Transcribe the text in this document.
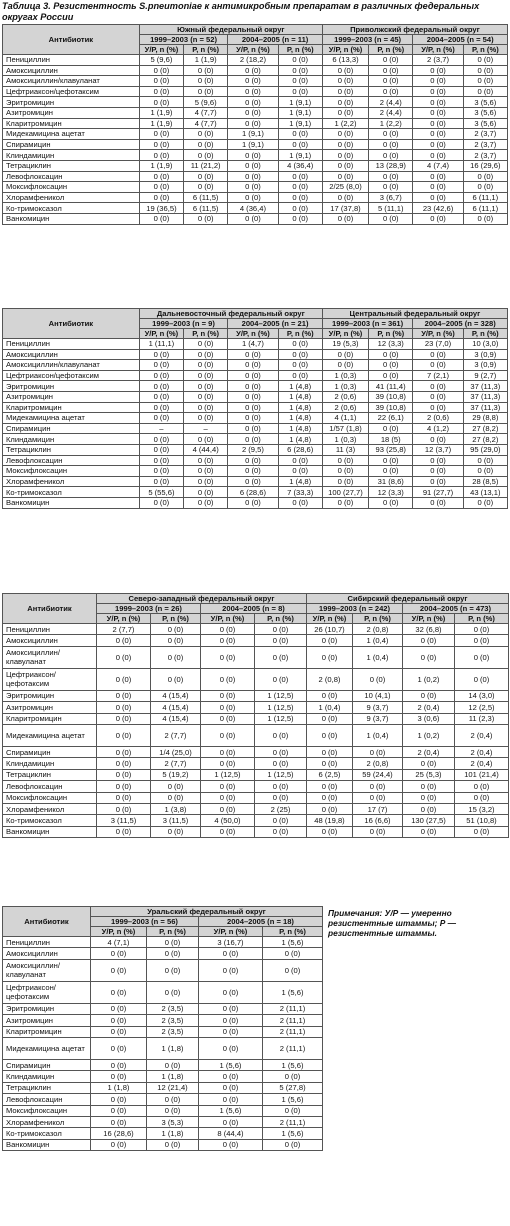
Таблица 3. Резистентность S.pneumoniae к антимикробным препаратам в различных федеральных округах России
Антибиотик	Южный федеральный округ				Приволжский федеральный округ			
	1999–2003 (n = 52)		2004–2005 (n = 11)		1999–2003 (n = 45)		2004–2005 (n = 54)	
	У/Р, n (%)	Р, n (%)	У/Р, n (%)	Р, n (%)	У/Р, n (%)	Р, n (%)	У/Р, n (%)	Р, n (%)
Пенициллин	5 (9,6)	1 (1,9)	2 (18,2)	0 (0)	6 (13,3)	0 (0)	2 (3,7)	0 (0)
Амоксициллин	0 (0)	0 (0)	0 (0)	0 (0)	0 (0)	0 (0)	0 (0)	0 (0)
Амоксициллин/клавуланат	0 (0)	0 (0)	0 (0)	0 (0)	0 (0)	0 (0)	0 (0)	0 (0)
Цефтриаксон/цефотаксим	0 (0)	0 (0)	0 (0)	0 (0)	0 (0)	0 (0)	0 (0)	0 (0)
Эритромицин	0 (0)	5 (9,6)	0 (0)	1 (9,1)	0 (0)	2 (4,4)	0 (0)	3 (5,6)
Азитромицин	1 (1,9)	4 (7,7)	0 (0)	1 (9,1)	0 (0)	2 (4,4)	0 (0)	3 (5,6)
Кларитромицин	1 (1,9)	4 (7,7)	0 (0)	1 (9,1)	1 (2,2)	1 (2,2)	0 (0)	3 (5,6)
Мидекамицина ацетат	0 (0)	0 (0)	1 (9,1)	0 (0)	0 (0)	0 (0)	0 (0)	2 (3,7)
Спирамицин	0 (0)	0 (0)	1 (9,1)	0 (0)	0 (0)	0 (0)	0 (0)	2 (3,7)
Клиндамицин	0 (0)	0 (0)	0 (0)	1 (9,1)	0 (0)	0 (0)	0 (0)	2 (3,7)
Тетрациклин	1 (1,9)	11 (21,2)	0 (0)	4 (36,4)	0 (0)	13 (28,9)	4 (7,4)	16 (29,6)
Левофлоксацин	0 (0)	0 (0)	0 (0)	0 (0)	0 (0)	0 (0)	0 (0)	0 (0)
Моксифлоксацин	0 (0)	0 (0)	0 (0)	0 (0)	2/25 (8,0)	0 (0)	0 (0)	0 (0)
Хлорамфеникол	0 (0)	6 (11,5)	0 (0)	0 (0)	0 (0)	3 (6,7)	0 (0)	6 (11,1)
Ко-тримоксазол	19 (36,5)	6 (11,5)	4 (36,4)	0 (0)	17 (37,8)	5 (11,1)	23 (42,6)	6 (11,1)
Ванкомицин	0 (0)	0 (0)	0 (0)	0 (0)	0 (0)	0 (0)	0 (0)	0 (0)
Антибиотик	Дальневосточный федеральный округ				Центральный федеральный округ			
	1999–2003 (n = 9)		2004–2005 (n = 21)		1999–2003 (n = 361)		2004–2005 (n = 328)	
	У/Р, n (%)	Р, n (%)	У/Р, n (%)	Р, n (%)	У/Р, n (%)	Р, n (%)	У/Р, n (%)	Р, n (%)
Пенициллин	1 (11,1)	0 (0)	1 (4,7)	0 (0)	19 (5,3)	12 (3,3)	23 (7,0)	10 (3,0)
Амоксициллин	0 (0)	0 (0)	0 (0)	0 (0)	0 (0)	0 (0)	0 (0)	3 (0,9)
Амоксициллин/клавуланат	0 (0)	0 (0)	0 (0)	0 (0)	0 (0)	0 (0)	0 (0)	3 (0,9)
Цефтриаксон/цефотаксим	0 (0)	0 (0)	0 (0)	0 (0)	1 (0,3)	0 (0)	7 (2,1)	9 (2,7)
Эритромицин	0 (0)	0 (0)	0 (0)	1 (4,8)	1 (0,3)	41 (11,4)	0 (0)	37 (11,3)
Азитромицин	0 (0)	0 (0)	0 (0)	1 (4,8)	2 (0,6)	39 (10,8)	0 (0)	37 (11,3)
Кларитромицин	0 (0)	0 (0)	0 (0)	1 (4,8)	2 (0,6)	39 (10,8)	0 (0)	37 (11,3)
Мидекамицина ацетат	0 (0)	0 (0)	0 (0)	1 (4,8)	4 (1,1)	22 (6,1)	2 (0,6)	29 (8,8)
Спирамицин	–	–	0 (0)	1 (4,8)	1/57 (1,8)	0 (0)	4 (1,2)	27 (8,2)
Клиндамицин	0 (0)	0 (0)	0 (0)	1 (4,8)	1 (0,3)	18 (5)	0 (0)	27 (8,2)
Тетрациклин	0 (0)	4 (44,4)	2 (9,5)	6 (28,6)	11 (3)	93 (25,8)	12 (3,7)	95 (29,0)
Левофлоксацин	0 (0)	0 (0)	0 (0)	0 (0)	0 (0)	0 (0)	0 (0)	0 (0)
Моксифлоксацин	0 (0)	0 (0)	0 (0)	0 (0)	0 (0)	0 (0)	0 (0)	0 (0)
Хлорамфеникол	0 (0)	0 (0)	0 (0)	1 (4,8)	0 (0)	31 (8,6)	0 (0)	28 (8,5)
Ко-тримоксазол	5 (55,6)	0 (0)	6 (28,6)	7 (33,3)	100 (27,7)	12 (3,3)	91 (27,7)	43 (13,1)
Ванкомицин	0 (0)	0 (0)	0 (0)	0 (0)	0 (0)	0 (0)	0 (0)	0 (0)
Антибиотик	Северо-западный федеральный округ				Сибирский федеральный округ			
	1999–2003 (n = 26)		2004–2005 (n = 8)		1999–2003 (n = 242)		2004–2005 (n = 473)	
	У/Р, n (%)	Р, n (%)	У/Р, n (%)	Р, n (%)	У/Р, n (%)	Р, n (%)	У/Р, n (%)	Р, n (%)
Пенициллин	2 (7,7)	0 (0)	0 (0)	0 (0)	26 (10,7)	2 (0,8)	32 (6,8)	0 (0)
Амоксициллин	0 (0)	0 (0)	0 (0)	0 (0)	0 (0)	1 (0,4)	0 (0)	0 (0)
Амоксициллин/ клавуланат	0 (0)	0 (0)	0 (0)	0 (0)	0 (0)	1 (0,4)	0 (0)	0 (0)
Цефтриаксон/ цефотаксим	0 (0)	0 (0)	0 (0)	0 (0)	2 (0,8)	0 (0)	1 (0,2)	0 (0)
Эритромицин	0 (0)	4 (15,4)	0 (0)	1 (12,5)	0 (0)	10 (4,1)	0 (0)	14 (3,0)
Азитромицин	0 (0)	4 (15,4)	0 (0)	1 (12,5)	1 (0,4)	9 (3,7)	2 (0,4)	12 (2,5)
Кларитромицин	0 (0)	4 (15,4)	0 (0)	1 (12,5)	0 (0)	9 (3,7)	3 (0,6)	11 (2,3)
Мидекамицина ацетат	0 (0)	2 (7,7)	0 (0)	0 (0)	0 (0)	1 (0,4)	1 (0,2)	2 (0,4)
Спирамицин	0 (0)	1/4 (25,0)	0 (0)	0 (0)	0 (0)	0 (0)	2 (0,4)	2 (0,4)
Клиндамицин	0 (0)	2 (7,7)	0 (0)	0 (0)	0 (0)	2 (0,8)	0 (0)	2 (0,4)
Тетрациклин	0 (0)	5 (19,2)	1 (12,5)	1 (12,5)	6 (2,5)	59 (24,4)	25 (5,3)	101 (21,4)
Левофлоксацин	0 (0)	0 (0)	0 (0)	0 (0)	0 (0)	0 (0)	0 (0)	0 (0)
Моксифлоксацин	0 (0)	0 (0)	0 (0)	0 (0)	0 (0)	0 (0)	0 (0)	0 (0)
Хлорамфеникол	0 (0)	1 (3,8)	0 (0)	2 (25)	0 (0)	17 (7)	0 (0)	15 (3,2)
Ко-тримоксазол	3 (11,5)	3 (11,5)	4 (50,0)	0 (0)	48 (19,8)	16 (6,6)	130 (27,5)	51 (10,8)
Ванкомицин	0 (0)	0 (0)	0 (0)	0 (0)	0 (0)	0 (0)	0 (0)	0 (0)
Антибиотик	Уральский федеральный округ			
	1999–2003 (n = 56)		2004–2005 (n = 18)	
	У/Р, n (%)	Р, n (%)	У/Р, n (%)	Р, n (%)
Пенициллин	4 (7,1)	0 (0)	3 (16,7)	1 (5,6)
Амоксициллин	0 (0)	0 (0)	0 (0)	0 (0)
Амоксициллин/ клавуланат	0 (0)	0 (0)	0 (0)	0 (0)
Цефтриаксон/ цефотаксим	0 (0)	0 (0)	0 (0)	1 (5,6)
Эритромицин	0 (0)	2 (3,5)	0 (0)	2 (11,1)
Азитромицин	0 (0)	2 (3,5)	0 (0)	2 (11,1)
Кларитромицин	0 (0)	2 (3,5)	0 (0)	2 (11,1)
Мидекамицина ацетат	0 (0)	1 (1,8)	0 (0)	2 (11,1)
Спирамицин	0 (0)	0 (0)	1 (5,6)	1 (5,6)
Клиндамицин	0 (0)	1 (1,8)	0 (0)	0 (0)
Тетрациклин	1 (1,8)	12 (21,4)	0 (0)	5 (27,8)
Левофлоксацин	0 (0)	0 (0)	0 (0)	1 (5,6)
Моксифлоксацин	0 (0)	0 (0)	1 (5,6)	0 (0)
Хлорамфеникол	0 (0)	3 (5,3)	0 (0)	2 (11,1)
Ко-тримоксазол	16 (28,6)	1 (1,8)	8 (44,4)	1 (5,6)
Ванкомицин	0 (0)	0 (0)	0 (0)	0 (0)
Примечания: У/Р — умеренно резистентные штаммы; Р — резистентные штаммы.
